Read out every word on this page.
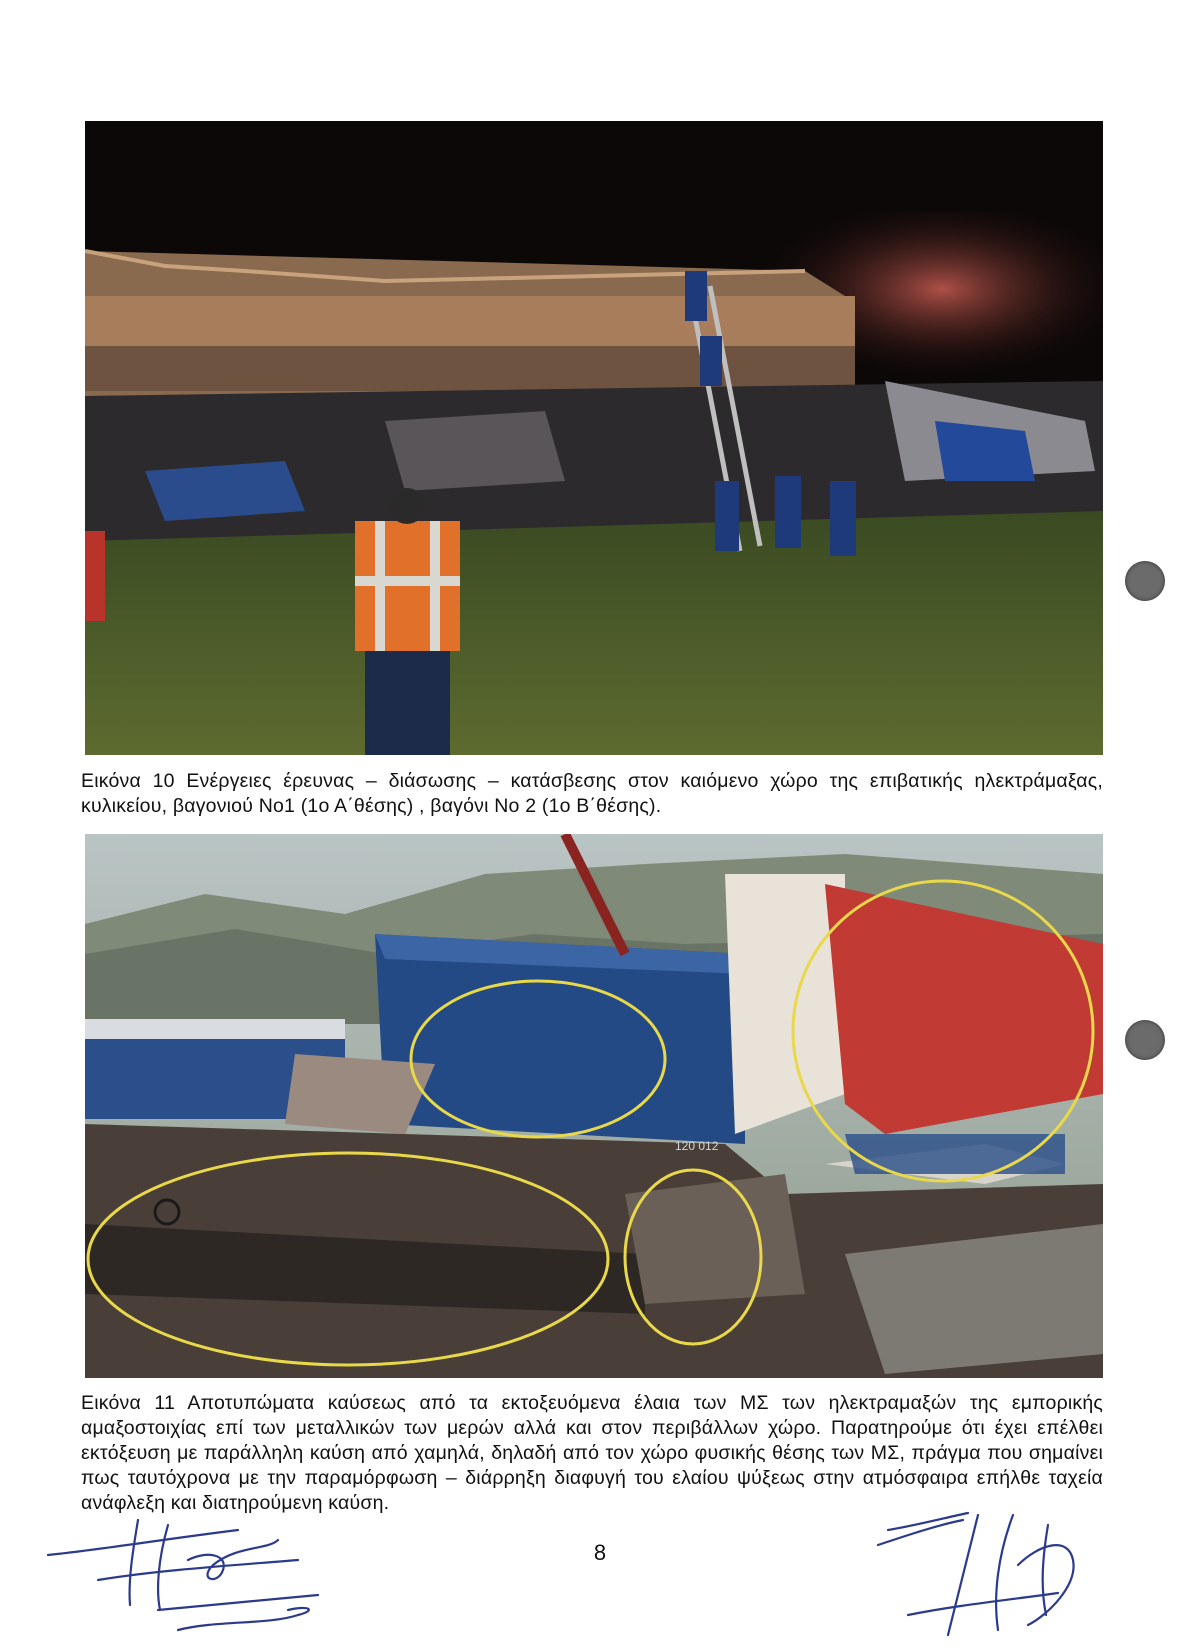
Εικόνα 10 Ενέργειες έρευνας – διάσωσης – κατάσβεσης στον καιόμενο χώρο της επιβατικής ηλεκτράμαξας, κυλικείου, βαγονιού Νο1 (1ο Α΄θέσης) , βαγόνι Νο 2 (1ο Β΄θέσης).
120 012
Εικόνα 11 Αποτυπώματα καύσεως από τα εκτοξευόμενα έλαια των ΜΣ των ηλεκτραμαξών της εμπορικής αμαξοστοιχίας επί των μεταλλικών των μερών αλλά και στον περιβάλλων χώρο. Παρατηρούμε ότι έχει επέλθει εκτόξευση με παράλληλη καύση από χαμηλά, δηλαδή από τον χώρο φυσικής θέσης των ΜΣ, πράγμα που σημαίνει πως ταυτόχρονα με την παραμόρφωση – διάρρηξη διαφυγή του ελαίου ψύξεως στην ατμόσφαιρα επήλθε ταχεία ανάφλεξη και διατηρούμενη καύση.
8
